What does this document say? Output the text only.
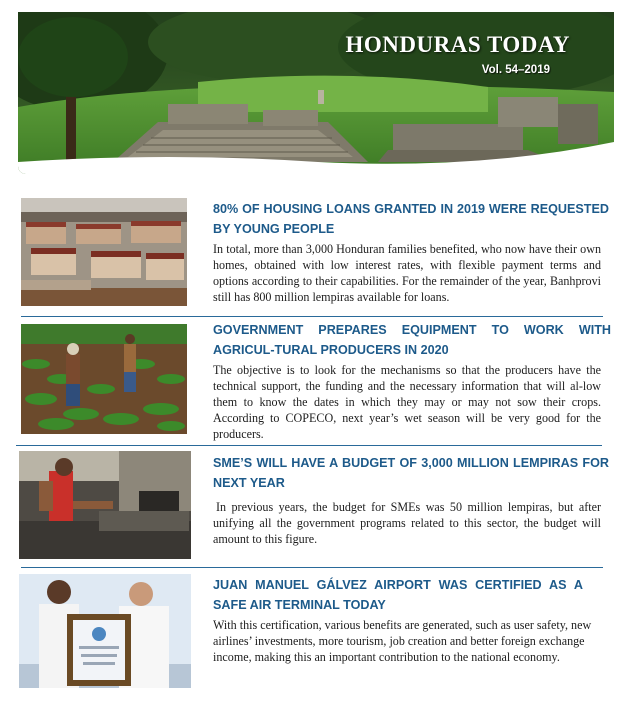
HONDURAS TODAY
Vol. 54–2019
80% OF HOUSING LOANS GRANTED IN 2019 WERE REQUESTED BY YOUNG PEOPLE
In total, more than 3,000 Honduran families benefited, who now have their own homes, obtained with low interest rates, with flexible payment terms and options according to their capabilities. For the remainder of the year, Banhprovi still has 800 million lempiras available for loans.
GOVERNMENT PREPARES EQUIPMENT TO WORK WITH AGRICUL-TURAL PRODUCERS IN 2020
The objective is to look for the mechanisms so that the producers have the technical support, the funding and the necessary information that will al-low them to know the dates in which they may or may not sow their crops. According to COPECO, next year’s wet season will be very good for the producers.
SME’S WILL HAVE A BUDGET OF 3,000 MILLION LEMPIRAS FOR NEXT YEAR
In previous years, the budget for SMEs was 50 million lempiras, but after unifying all the government programs related to this sector, the budget will amount to this figure.
JUAN MANUEL GÁLVEZ AIRPORT WAS CERTIFIED AS A SAFE AIR TERMINAL TODAY
With this certification, various benefits are generated, such as user safety, new airlines’ investments, more tourism, job creation and better foreign exchange income, making this an important contribution to the national economy.
